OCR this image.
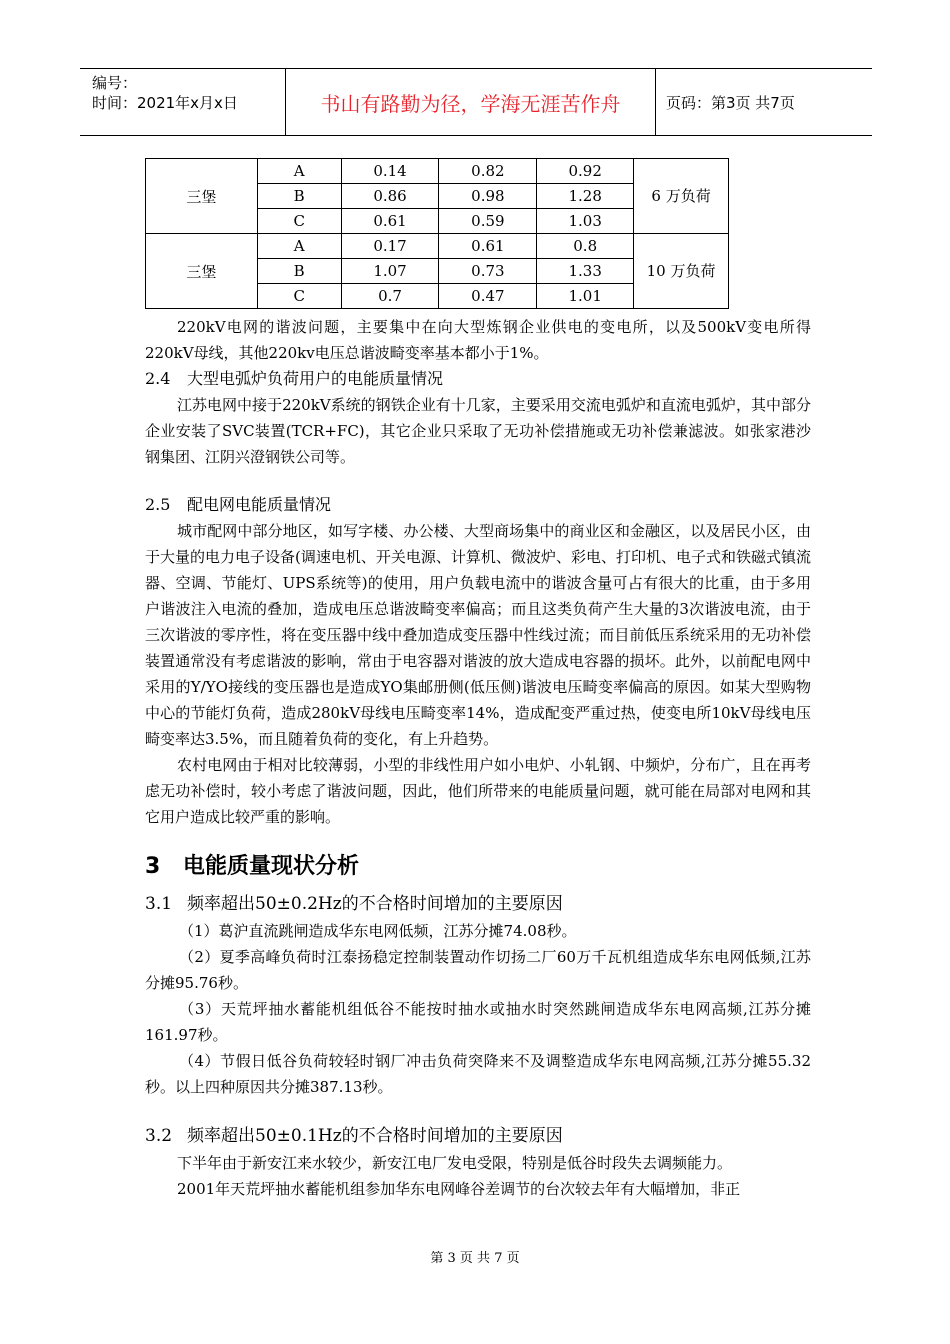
编号：
时间：2021年x月x日	书山有路勤为径，学海无涯苦作舟	页码：第3页 共7页
三堡	A	0.14	0.82	0.92	6 万负荷
	B	0.86	0.98	1.28	
	C	0.61	0.59	1.03	
三堡	A	0.17	0.61	0.8	10 万负荷
	B	1.07	0.73	1.33	
	C	0.7	0.47	1.01	

220kV电网的谐波问题，主要集中在向大型炼钢企业供电的变电所，以及500kV变电所得220kV母线，其他220kv电压总谐波畸变率基本都小于1%。

2.4 大型电弧炉负荷用户的电能质量情况

江苏电网中接于220kV系统的钢铁企业有十几家，主要采用交流电弧炉和直流电弧炉，其中部分企业安装了SVC装置(TCR+FC)，其它企业只采取了无功补偿措施或无功补偿兼滤波。如张家港沙钢集团、江阴兴澄钢铁公司等。

2.5 配电网电能质量情况

城市配网中部分地区，如写字楼、办公楼、大型商场集中的商业区和金融区，以及居民小区，由于大量的电力电子设备(调速电机、开关电源、计算机、微波炉、彩电、打印机、电子式和铁磁式镇流器、空调、节能灯、UPS系统等)的使用，用户负载电流中的谐波含量可占有很大的比重，由于多用户谐波注入电流的叠加，造成电压总谐波畸变率偏高；而且这类负荷产生大量的3次谐波电流，由于三次谐波的零序性，将在变压器中线中叠加造成变压器中性线过流；而目前低压系统采用的无功补偿装置通常没有考虑谐波的影响，常由于电容器对谐波的放大造成电容器的损坏。此外，以前配电网中采用的Y/YO接线的变压器也是造成YO集邮册侧(低压侧)谐波电压畸变率偏高的原因。如某大型购物中心的节能灯负荷，造成280kV母线电压畸变率14%，造成配变严重过热，使变电所10kV母线电压畸变率达3.5%，而且随着负荷的变化，有上升趋势。

农村电网由于相对比较薄弱，小型的非线性用户如小电炉、小轧钢、中频炉，分布广，且在再考虑无功补偿时，较小考虑了谐波问题，因此，他们所带来的电能质量问题，就可能在局部对电网和其它用户造成比较严重的影响。

3 电能质量现状分析
3.1 频率超出50±0.2Hz的不合格时间增加的主要原因

（1）葛沪直流跳闸造成华东电网低频，江苏分摊74.08秒。

（2）夏季高峰负荷时江泰扬稳定控制装置动作切扬二厂60万千瓦机组造成华东电网低频,江苏分摊95.76秒。

（3）天荒坪抽水蓄能机组低谷不能按时抽水或抽水时突然跳闸造成华东电网高频,江苏分摊161.97秒。

（4）节假日低谷负荷较轻时钢厂冲击负荷突降来不及调整造成华东电网高频,江苏分摊55.32秒。以上四种原因共分摊387.13秒。

3.2 频率超出50±0.1Hz的不合格时间增加的主要原因

下半年由于新安江来水较少，新安江电厂发电受限，特别是低谷时段失去调频能力。

2001年天荒坪抽水蓄能机组参加华东电网峰谷差调节的台次较去年有大幅增加，非正

第 3 页 共 7 页
